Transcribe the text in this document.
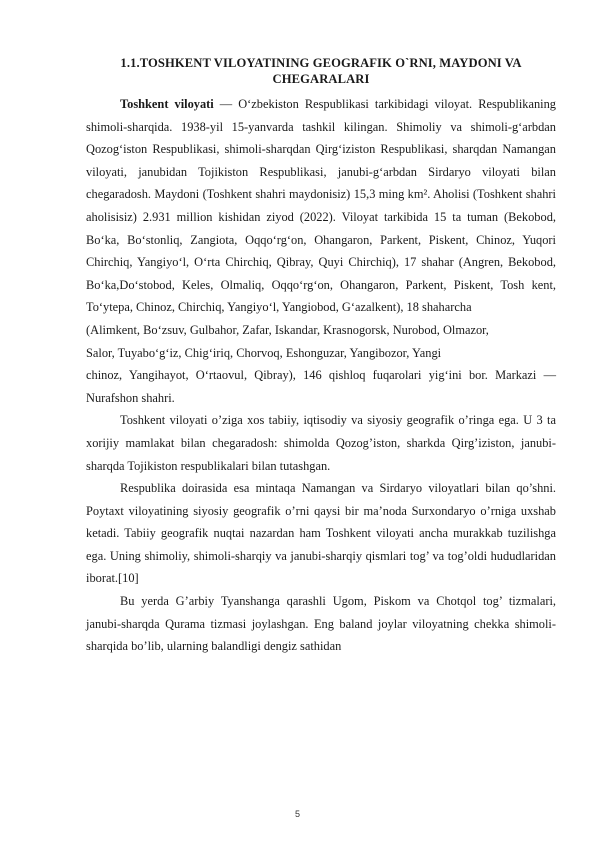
1.1.TOSHKENT VILOYATINING GEOGRAFIK O`RNI, MAYDONI VA CHEGARALARI

Toshkent viloyati — Oʻzbekiston Respublikasi tarkibidagi viloyat. Respublikaning shimoli-sharqida. 1938-yil 15-yanvarda tashkil kilingan. Shimoliy va shimoli-gʻarbdan Qozogʻiston Respublikasi, shimoli-sharqdan Qirgʻiziston Respublikasi, sharqdan Namangan viloyati, janubidan Tojikiston Respublikasi, janubi-gʻarbdan Sirdaryo viloyati bilan chegaradosh. Maydoni (Toshkent shahri maydonisiz) 15,3 ming km². Aholisi (Toshkent shahri aholisisiz) 2.931 million kishidan ziyod (2022). Viloyat tarkibida 15 ta tuman (Bekobod, Boʻka, Boʻstonliq, Zangiota, Oqqoʻrgʻon, Ohangaron, Parkent, Piskent, Chinoz, Yuqori Chirchiq, Yangiyoʻl, Oʻrta Chirchiq, Qibray, Quyi Chirchiq), 17 shahar (Angren, Bekobod, Boʻka,Doʻstobod, Keles, Olmaliq, Oqqoʻrgʻon, Ohangaron, Parkent, Piskent, Tosh kent, Toʻytepa, Chinoz, Chirchiq, Yangiyoʻl, Yangiobod, Gʻazalkent), 18 shaharcha

(Alimkent, Boʻzsuv, Gulbahor, Zafar, Iskandar, Krasnogorsk, Nurobod, Olmazor,
Salor, Tuyaboʻgʻiz, Chigʻiriq, Chorvoq, Eshonguzar, Yangibozor, Yangi

chinoz, Yangihayot, Oʻrtaovul, Qibray), 146 qishloq fuqarolari yigʻini bor. Markazi — Nurafshon shahri.

Toshkent viloyati o’ziga xos tabiiy, iqtisodiy va siyosiy geografik o’ringa ega. U 3 ta xorijiy mamlakat bilan chegaradosh: shimolda Qozog’iston, sharkda Qirg’iziston, janubi-sharqda Tojikiston respublikalari bilan tutashgan.

Respublika doirasida esa mintaqa Namangan va Sirdaryo viloyatlari bilan qo’shni. Poytaxt viloyatining siyosiy geografik o’rni qaysi bir ma’noda Surxondaryo o’rniga uxshab ketadi. Tabiiy geografik nuqtai nazardan ham Toshkent viloyati ancha murakkab tuzilishga ega. Uning shimoliy, shimoli-sharqiy va janubi-sharqiy qismlari tog’ va tog’oldi hududlaridan iborat.[10]

Bu yerda G’arbiy Tyanshanga qarashli Ugom, Piskom va Chotqol tog’ tizmalari, janubi-sharqda Qurama tizmasi joylashgan. Eng baland joylar viloyatning chekka shimoli-sharqida bo’lib, ularning balandligi dengiz sathidan

5
